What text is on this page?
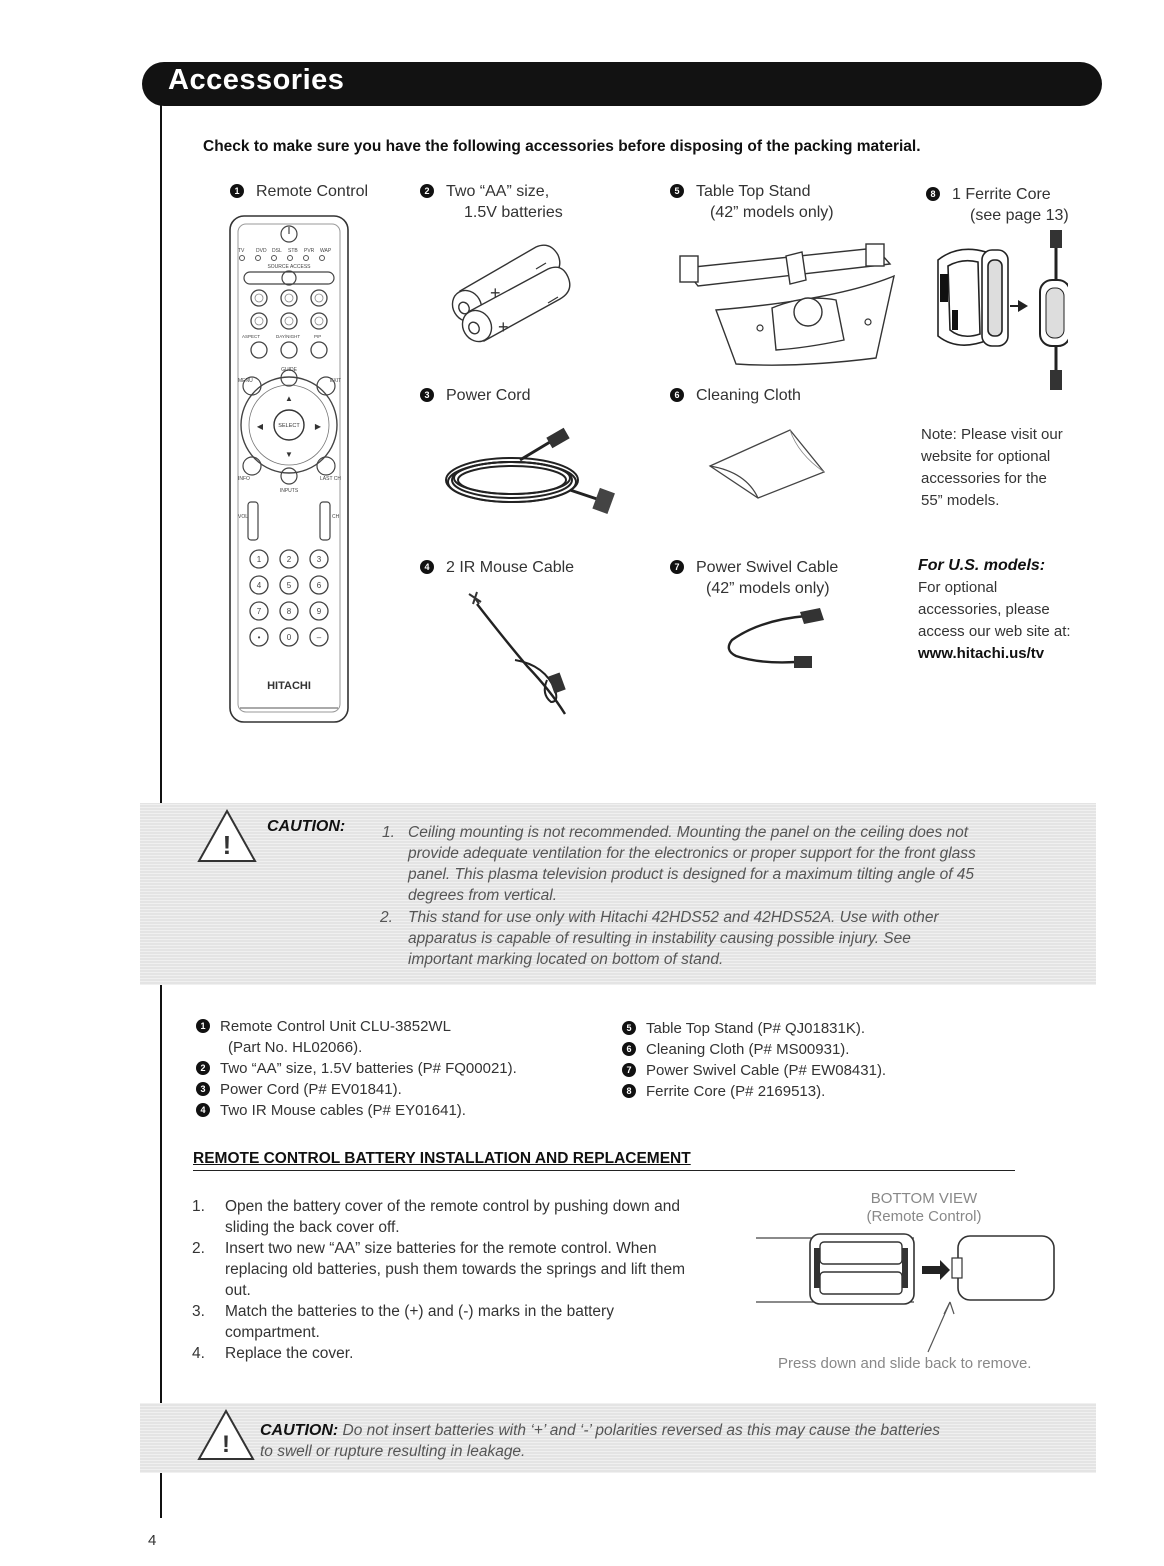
Accessories
Check to make sure you have the following accessories before disposing of the packing material.
1 Remote Control	2 Two “AA” size,
1.5V batteries
3 Power Cord
4 2 IR Mouse Cable
5 Table Top Stand
(42” models only)
6 Cleaning Cloth
7 Power Swivel Cable
(42” models only)
8 1 Ferrite Core
(see page 13)
TV DVD DSL STB PVR WAP
SOURCE ACCESS
ASPECT	DAY/NIGHT	PIP
GUIDE
MENU	EXIT
SELECT
▲
▼
◀	▶
INFO	LAST CH
INPUTS
VOL	CH
1	2	3
4	5	6
7	8	9
•	0	–
HITACHI
+
+
Note: Please visit our
website for optional
accessories for the
55” models.
For U.S. models:
For optional
accessories, please
access our web site at:
www.hitachi.us/tv
!
CAUTION: 1. Ceiling mounting is not recommended. Mounting the panel on the ceiling does not
provide adequate ventilation for the electronics or proper support for the front glass
panel. This plasma television product is designed for a maximum tilting angle of 45
degrees from vertical.
2. This stand for use only with Hitachi 42HDS52 and 42HDS52A. Use with other
apparatus is capable of resulting in instability causing possible injury. See
important marking located on bottom of stand.
1 Remote Control Unit CLU-3852WL
(Part No. HL02066).
2 Two “AA” size, 1.5V batteries (P# FQ00021).
3 Power Cord (P# EV01841).
4 Two IR Mouse cables (P# EY01641).
5 Table Top Stand (P# QJ01831K).
6 Cleaning Cloth (P# MS00931).
7 Power Swivel Cable (P# EW08431).
8 Ferrite Core (P# 2169513).
REMOTE CONTROL BATTERY INSTALLATION AND REPLACEMENT
1. Open the battery cover of the remote control by pushing down and
sliding the back cover off.
2. Insert two new “AA” size batteries for the remote control. When
replacing old batteries, push them towards the springs and lift them
out.
3. Match the batteries to the (+) and (-) marks in the battery
compartment.
4. Replace the cover.
BOTTOM VIEW
(Remote Control)
Press down and slide back to remove.
!
CAUTION: Do not insert batteries with ‘+’ and ‘-’ polarities reversed as this may cause the batteries
to swell or rupture resulting in leakage.
4
